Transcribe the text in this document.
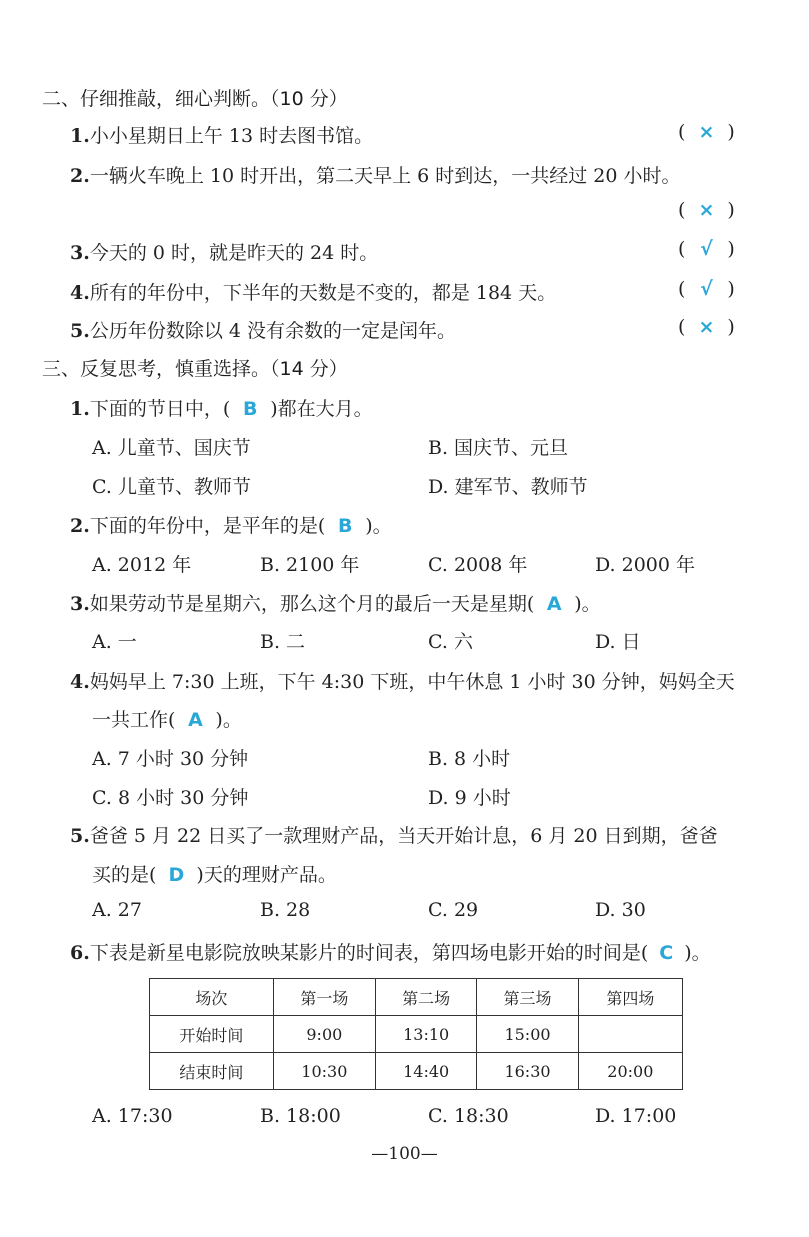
二、仔细推敲，细心判断。（10 分）
1.小小星期日上午 13 时去图书馆。	( × )
2.一辆火车晚上 10 时开出，第二天早上 6 时到达，一共经过 20 小时。
( × )
3.今天的 0 时，就是昨天的 24 时。	( √ )
4.所有的年份中，下半年的天数是不变的，都是 184 天。	( √ )
5.公历年份数除以 4 没有余数的一定是闰年。	( × )
三、反复思考，慎重选择。（14 分）
1.下面的节日中，( B )都在大月。
A. 儿童节、国庆节	B. 国庆节、元旦
C. 儿童节、教师节	D. 建军节、教师节
2.下面的年份中，是平年的是( B )。
A. 2012 年	B. 2100 年	C. 2008 年	D. 2000 年
3.如果劳动节是星期六，那么这个月的最后一天是星期( A )。
A. 一	B. 二	C. 六	D. 日
4.妈妈早上 7:30 上班，下午 4:30 下班，中午休息 1 小时 30 分钟，妈妈全天
一共工作( A )。
A. 7 小时 30 分钟	B. 8 小时
C. 8 小时 30 分钟	D. 9 小时
5.爸爸 5 月 22 日买了一款理财产品，当天开始计息，6 月 20 日到期，爸爸
买的是( D )天的理财产品。
A. 27	B. 28	C. 29	D. 30
6.下表是新星电影院放映某影片的时间表，第四场电影开始的时间是( C )。
场次	第一场	第二场	第三场	第四场
开始时间	9:00	13:10	15:00	
结束时间	10:30	14:40	16:30	20:00
A. 17:30	B. 18:00	C. 18:30	D. 17:00
—100—
